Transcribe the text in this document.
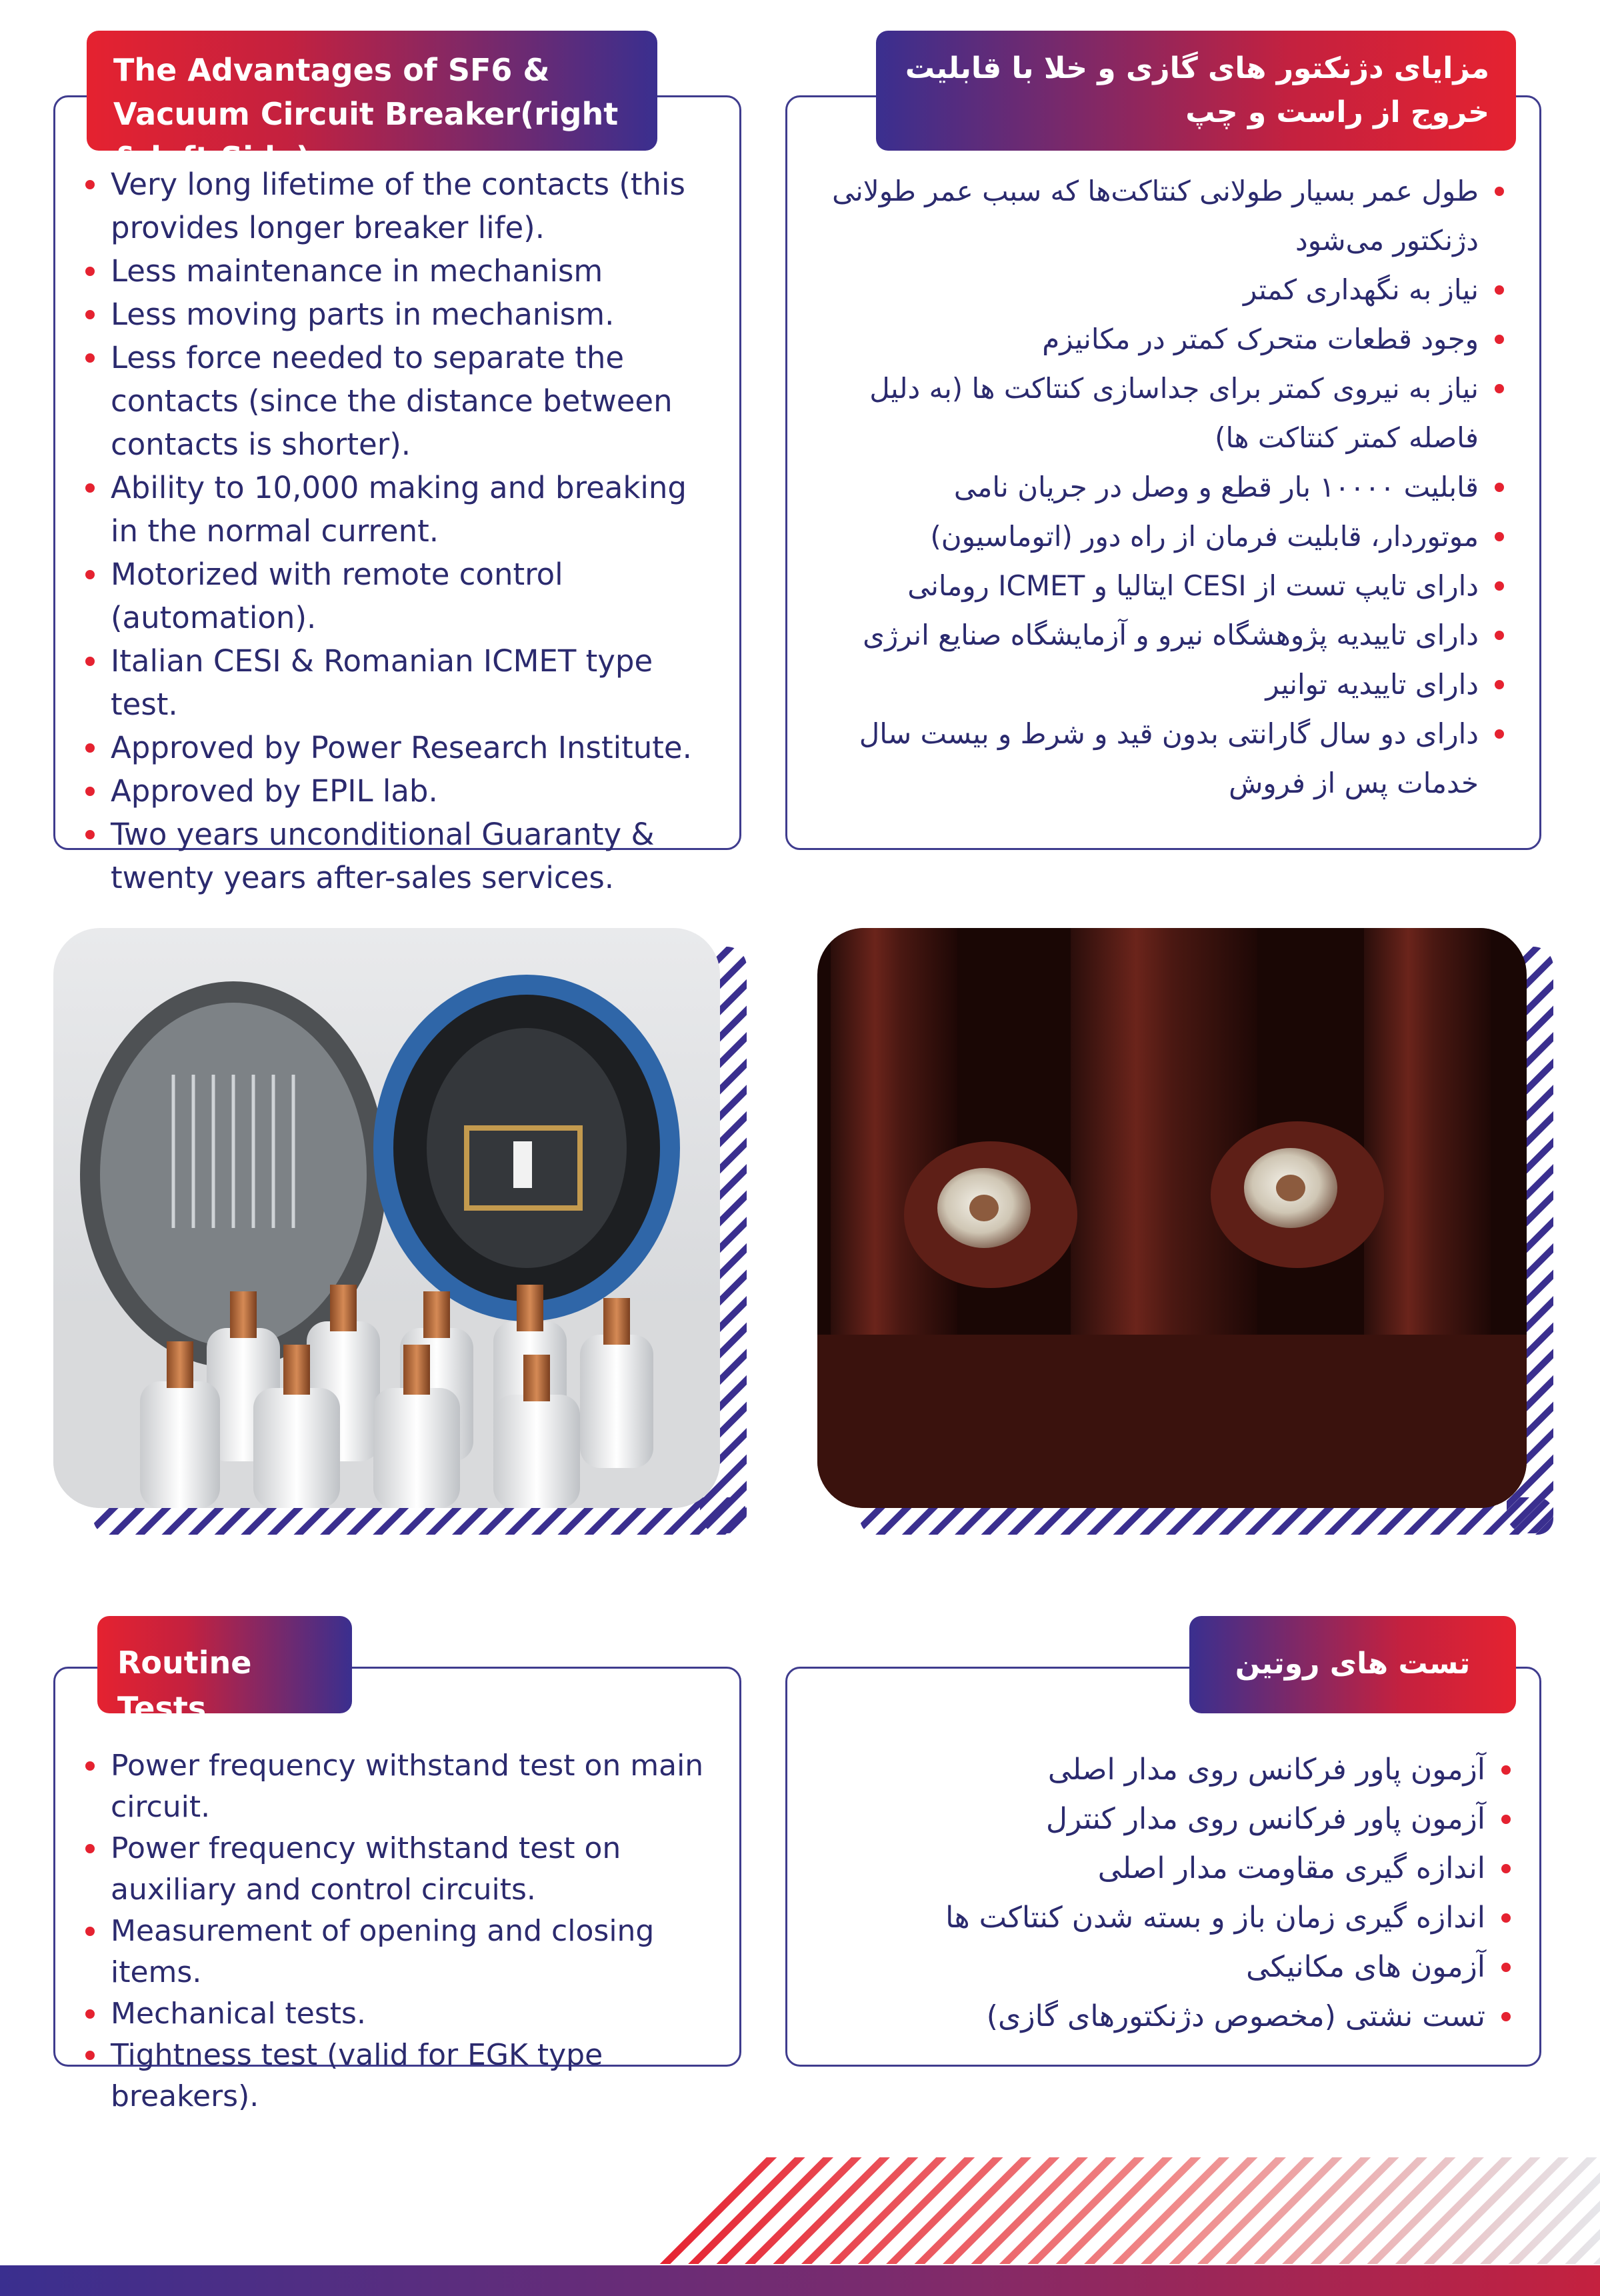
The Advantages of SF6 & Vacuum Circuit Breaker(right & left Side)
Very long lifetime of the contacts (this provides longer breaker life).
Less maintenance in mechanism
Less moving parts in mechanism.
Less force needed to separate the contacts (since the distance between contacts is shorter).
Ability to 10,000 making and breaking in the normal current.
Motorized with remote control (automation).
Italian CESI & Romanian ICMET type test.
Approved by Power Research Institute.
Approved by EPIL lab.
Two years unconditional Guaranty & twenty years after-sales services.
مزایای دژنکتور های گازی و خلا با قابلیت خروج از راست و چپ
طول عمر بسیار طولانی کنتاکت‌ها که سبب عمر طولانی دژنکتور می‌شود
نیاز به نگهداری کمتر
وجود قطعات متحرک کمتر در مکانیزم
نیاز به نیروی کمتر برای جداسازی کنتاکت ها (به دلیل فاصله کمتر کنتاکت ها)
قابلیت ۱۰۰۰۰ بار قطع و وصل در جریان نامی
موتوردار، قابلیت فرمان از راه دور (اتوماسیون)
دارای تایپ تست از CESI ایتالیا و ICMET رومانی
دارای تاییدیه پژوهشگاه نیرو و آزمایشگاه صنایع انرژی
دارای تاییدیه توانیر
دارای دو سال گارانتی بدون قید و شرط و بیست سال خدمات پس از فروش
Routine Tests
Power frequency withstand test on main circuit.
Power frequency withstand test on auxiliary and control circuits.
Measurement of opening and closing items.
Mechanical tests.
Tightness test (valid for EGK type breakers).
تست های روتین
آزمون پاور فرکانس روی مدار اصلی
آزمون پاور فرکانس روی مدار کنترل
اندازه گیری مقاومت مدار اصلی
اندازه گیری زمان باز و بسته شدن کنتاکت ها
آزمون های مکانیکی
تست نشتی (مخصوص دژنکتورهای گازی)
